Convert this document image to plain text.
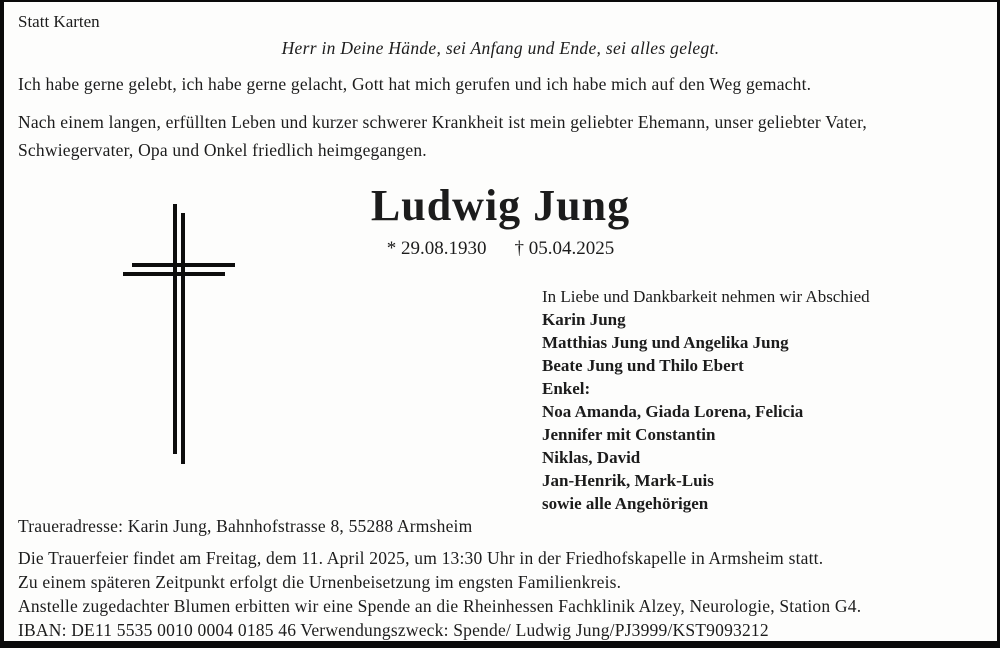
Statt Karten
Herr in Deine Hände, sei Anfang und Ende, sei alles gelegt.
Ich habe gerne gelebt, ich habe gerne gelacht, Gott hat mich gerufen und ich habe mich auf den Weg gemacht.
Nach einem langen, erfüllten Leben und kurzer schwerer Krankheit ist mein geliebter Ehemann, unser geliebter Vater,
Schwiegervater, Opa und Onkel friedlich heimgegangen.
Ludwig Jung
* 29.08.1930 † 05.04.2025
In Liebe und Dankbarkeit nehmen wir Abschied
Karin Jung
Matthias Jung und Angelika Jung
Beate Jung und Thilo Ebert
Enkel:
Noa Amanda, Giada Lorena, Felicia
Jennifer mit Constantin
Niklas, David
Jan-Henrik, Mark-Luis
sowie alle Angehörigen
Traueradresse: Karin Jung, Bahnhofstrasse 8, 55288 Armsheim
Die Trauerfeier findet am Freitag, dem 11. April 2025, um 13:30 Uhr in der Friedhofskapelle in Armsheim statt.
Zu einem späteren Zeitpunkt erfolgt die Urnenbeisetzung im engsten Familienkreis.
Anstelle zugedachter Blumen erbitten wir eine Spende an die Rheinhessen Fachklinik Alzey, Neurologie, Station G4.
IBAN: DE11 5535 0010 0004 0185 46 Verwendungszweck: Spende/ Ludwig Jung/PJ3999/KST9093212
